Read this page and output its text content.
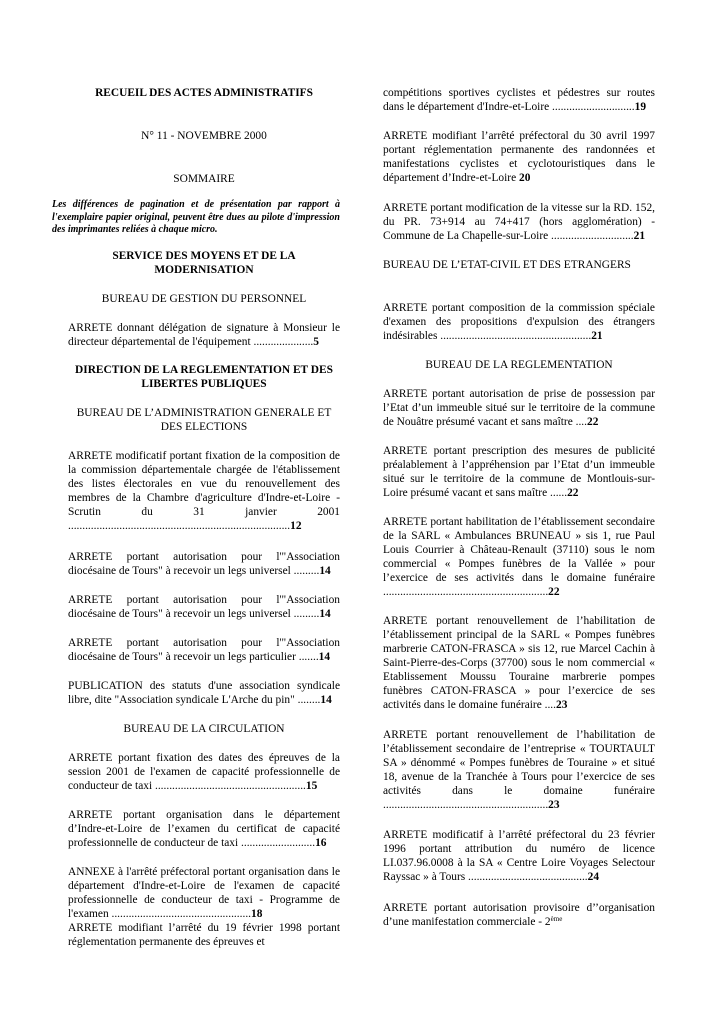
RECUEIL DES ACTES ADMINISTRATIFS
N° 11 - NOVEMBRE 2000
SOMMAIRE
Les différences de pagination et de présentation par rapport à l'exemplaire papier original, peuvent être dues au pilote d'impression des imprimantes reliées à chaque micro.
SERVICE DES MOYENS ET DE LA MODERNISATION
BUREAU DE GESTION DU PERSONNEL
ARRETE donnant délégation de signature à Monsieur le directeur départemental de l'équipement .....................5
DIRECTION DE LA REGLEMENTATION ET DES LIBERTES PUBLIQUES
BUREAU DE L’ADMINISTRATION GENERALE ET DES ELECTIONS
ARRETE modificatif portant fixation de la composition de la commission départementale chargée de l'établissement des listes électorales en vue du renouvellement des membres de la Chambre d'agriculture d'Indre-et-Loire - Scrutin du 31 janvier 2001 ..............................................................................12
ARRETE portant autorisation pour l'"Association diocésaine de Tours" à recevoir un legs universel .........14
ARRETE portant autorisation pour l'"Association diocésaine de Tours" à recevoir un legs universel .........14
ARRETE portant autorisation pour l'"Association diocésaine de Tours" à recevoir un legs particulier .......14
PUBLICATION des statuts d'une association syndicale libre, dite "Association syndicale L'Arche du pin" ........14
BUREAU DE LA CIRCULATION
ARRETE portant fixation des dates des épreuves de la session 2001 de l'examen de capacité professionnelle de conducteur de taxi .....................................................15
ARRETE portant organisation dans le département d’Indre-et-Loire de l’examen du certificat de capacité professionnelle de conducteur de taxi ..........................16
ANNEXE à l'arrêté préfectoral portant organisation dans le département d'Indre-et-Loire de l'examen de capacité professionnelle de conducteur de taxi - Programme de l'examen .................................................18
ARRETE modifiant l’arrêté du 19 février 1998 portant réglementation permanente des épreuves et
compétitions sportives cyclistes et pédestres sur routes dans le département d'Indre-et-Loire .............................19
ARRETE modifiant l’arrêté préfectoral du 30 avril 1997 portant réglementation permanente des randonnées et manifestations cyclistes et cyclotouristiques dans le département d’Indre-et-Loire 20
ARRETE portant modification de la vitesse sur la RD. 152, du PR. 73+914 au 74+417 (hors agglomération) - Commune de La Chapelle-sur-Loire .............................21
BUREAU DE L’ETAT-CIVIL ET DES ETRANGERS
ARRETE portant composition de la commission spéciale d'examen des propositions d'expulsion des étrangers indésirables .....................................................21
BUREAU DE LA REGLEMENTATION
ARRETE portant autorisation de prise de possession par l’Etat d’un immeuble situé sur le territoire de la commune de Nouâtre présumé vacant et sans maître ....22
ARRETE portant prescription des mesures de publicité préalablement à l’appréhension par l’Etat d’un immeuble situé sur le territoire de la commune de Montlouis-sur-Loire présumé vacant et sans maître ......22
ARRETE portant habilitation de l’établissement secondaire de la SARL « Ambulances BRUNEAU » sis 1, rue Paul Louis Courrier à Château-Renault (37110) sous le nom commercial « Pompes funèbres de la Vallée » pour l’exercice de ses activités dans le domaine funéraire ..........................................................22
ARRETE portant renouvellement de l’habilitation de l’établissement principal de la SARL « Pompes funèbres marbrerie CATON-FRASCA » sis 12, rue Marcel Cachin à Saint-Pierre-des-Corps (37700) sous le nom commercial « Etablissement Moussu Touraine marbrerie pompes funèbres CATON-FRASCA » pour l’exercice de ses activités dans le domaine funéraire ....23
ARRETE portant renouvellement de l’habilitation de l’établissement secondaire de l’entreprise « TOURTAULT SA » dénommé « Pompes funèbres de Touraine » et situé 18, avenue de la Tranchée à Tours pour l’exercice de ses activités dans le domaine funéraire ..........................................................23
ARRETE modificatif à l’arrêté préfectoral du 23 février 1996 portant attribution du numéro de licence LI.037.96.0008 à la SA « Centre Loire Voyages Selectour Rayssac » à Tours ..........................................24
ARRETE portant autorisation provisoire d’’organisation d’une manifestation commerciale - 2ème
